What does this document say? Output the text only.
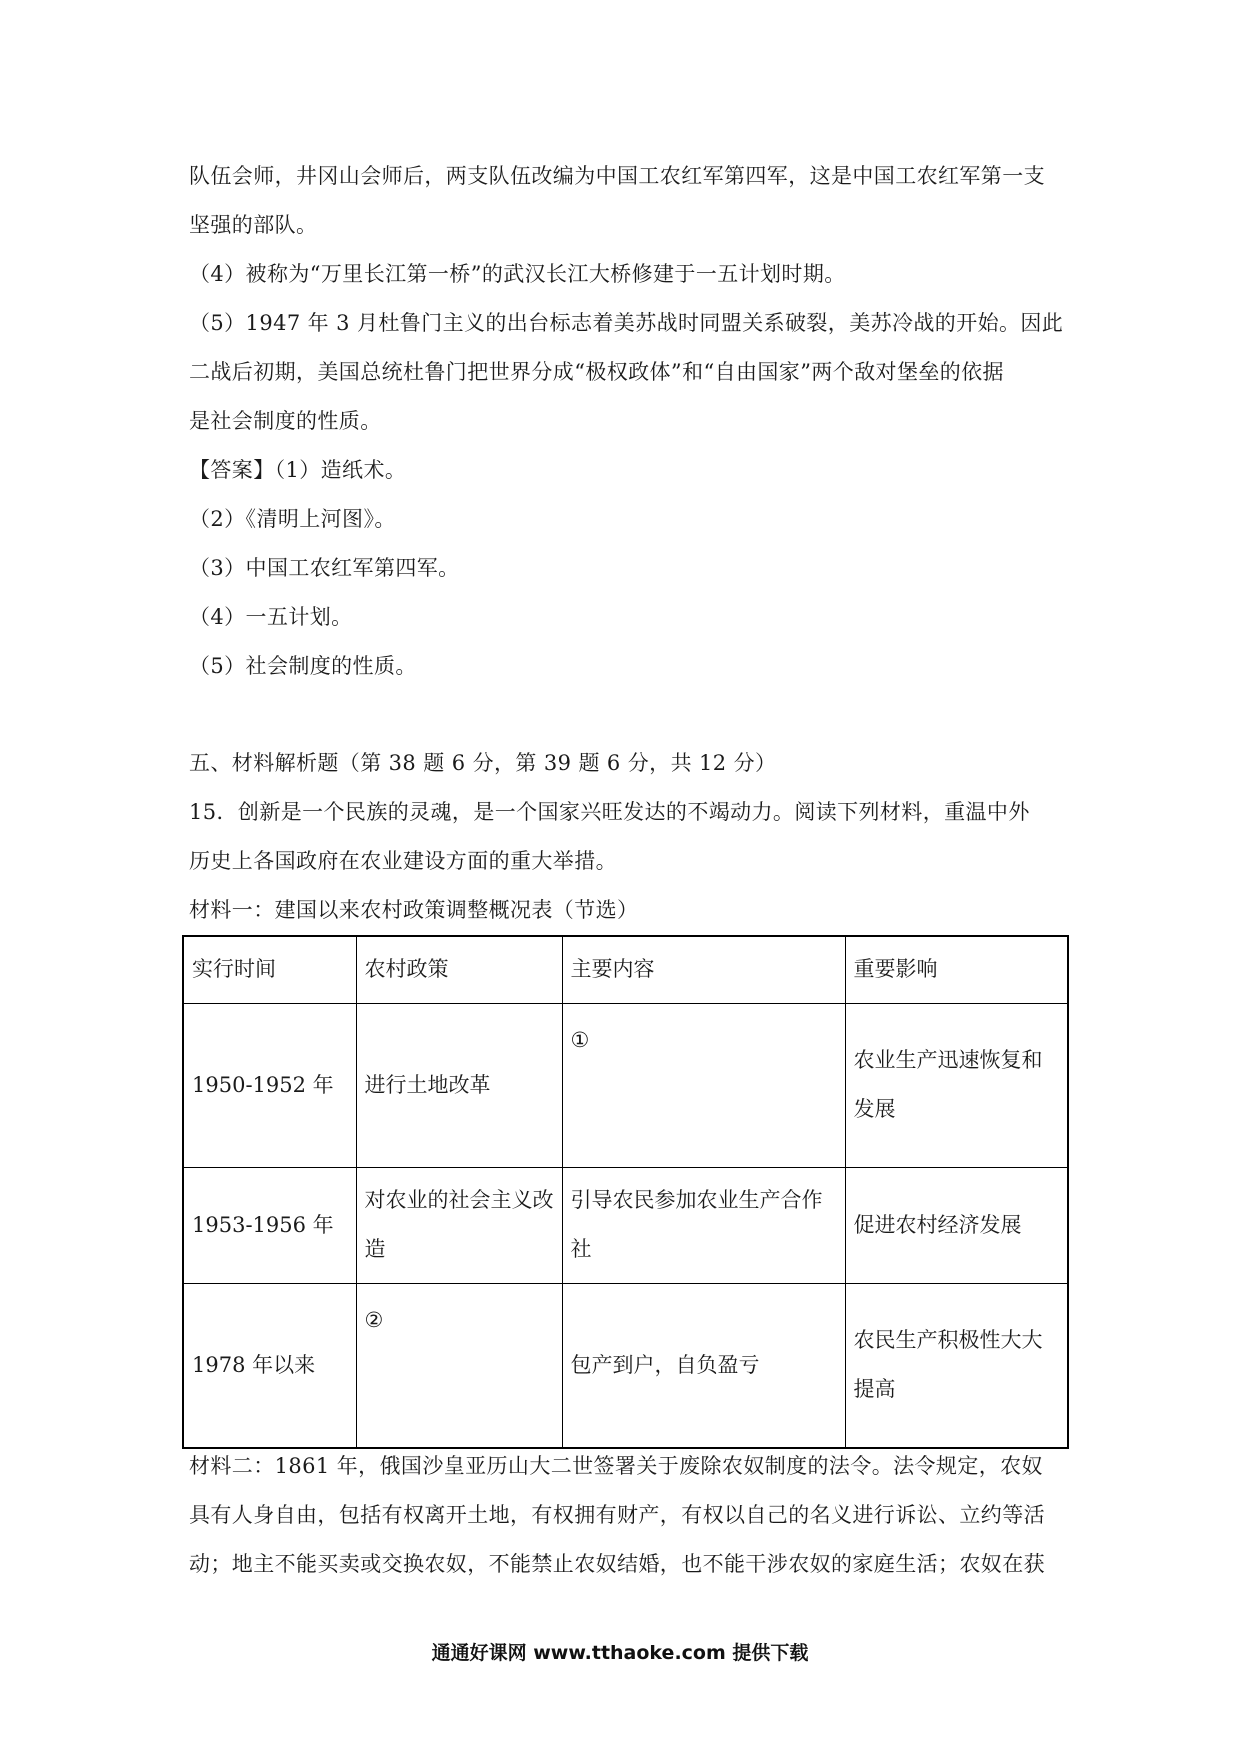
队伍会师，井冈山会师后，两支队伍改编为中国工农红军第四军，这是中国工农红军第一支

坚强的部队。

（4）被称为“万里长江第一桥”的武汉长江大桥修建于一五计划时期。

（5）1947 年 3 月杜鲁门主义的出台标志着美苏战时同盟关系破裂，美苏冷战的开始。因此

二战后初期，美国总统杜鲁门把世界分成“极权政体”和“自由国家”两个敌对堡垒的依据

是社会制度的性质。

【答案】（1）造纸术。

（2）《清明上河图》。

（3）中国工农红军第四军。

（4）一五计划。

（5）社会制度的性质。

五、材料解析题（第 38 题 6 分，第 39 题 6 分，共 12 分）

15．创新是一个民族的灵魂，是一个国家兴旺发达的不竭动力。阅读下列材料，重温中外

历史上各国政府在农业建设方面的重大举措。

材料一：建国以来农村政策调整概况表（节选）

实行时间	农村政策	主要内容	重要影响
1950-1952 年	进行土地改革	①	农业生产迅速恢复和发展
1953-1956 年	对农业的社会主义改造	引导农民参加农业生产合作社	促进农村经济发展
1978 年以来	②	包产到户，自负盈亏	农民生产积极性大大提高

材料二：1861 年，俄国沙皇亚历山大二世签署关于废除农奴制度的法令。法令规定，农奴

具有人身自由，包括有权离开土地，有权拥有财产，有权以自己的名义进行诉讼、立约等活

动；地主不能买卖或交换农奴，不能禁止农奴结婚，也不能干涉农奴的家庭生活；农奴在获

通通好课网 www.tthaoke.com 提供下载
